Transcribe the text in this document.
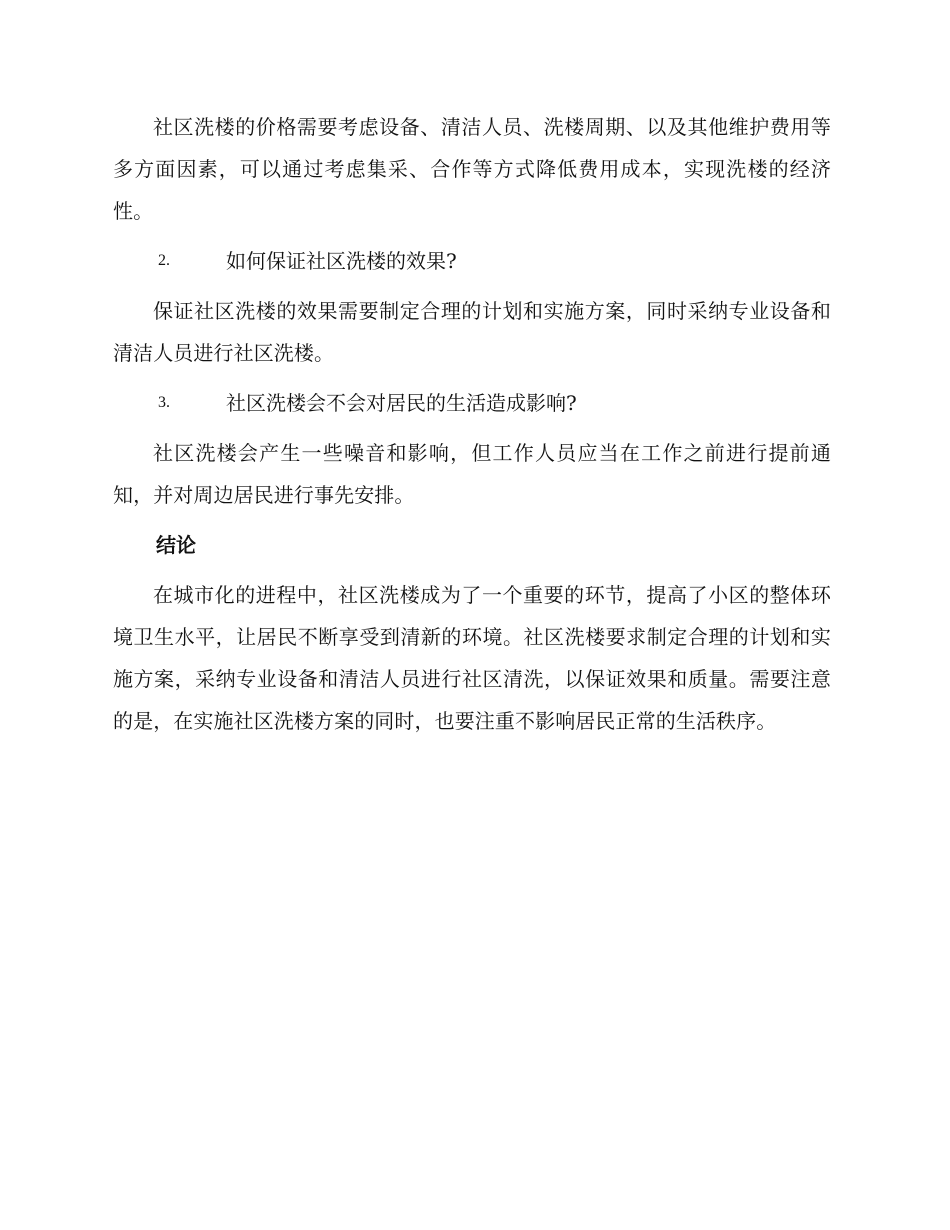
社区洗楼的价格需要考虑设备、清洁人员、洗楼周期、以及其他维护费用等多方面因素，可以通过考虑集采、合作等方式降低费用成本，实现洗楼的经济性。

2.	如何保证社区洗楼的效果?

保证社区洗楼的效果需要制定合理的计划和实施方案，同时采纳专业设备和清洁人员进行社区洗楼。

3.	社区洗楼会不会对居民的生活造成影响?

社区洗楼会产生一些噪音和影响，但工作人员应当在工作之前进行提前通知，并对周边居民进行事先安排。

结论

在城市化的进程中，社区洗楼成为了一个重要的环节，提高了小区的整体环境卫生水平，让居民不断享受到清新的环境。社区洗楼要求制定合理的计划和实施方案，采纳专业设备和清洁人员进行社区清洗，以保证效果和质量。需要注意的是，在实施社区洗楼方案的同时，也要注重不影响居民正常的生活秩序。
